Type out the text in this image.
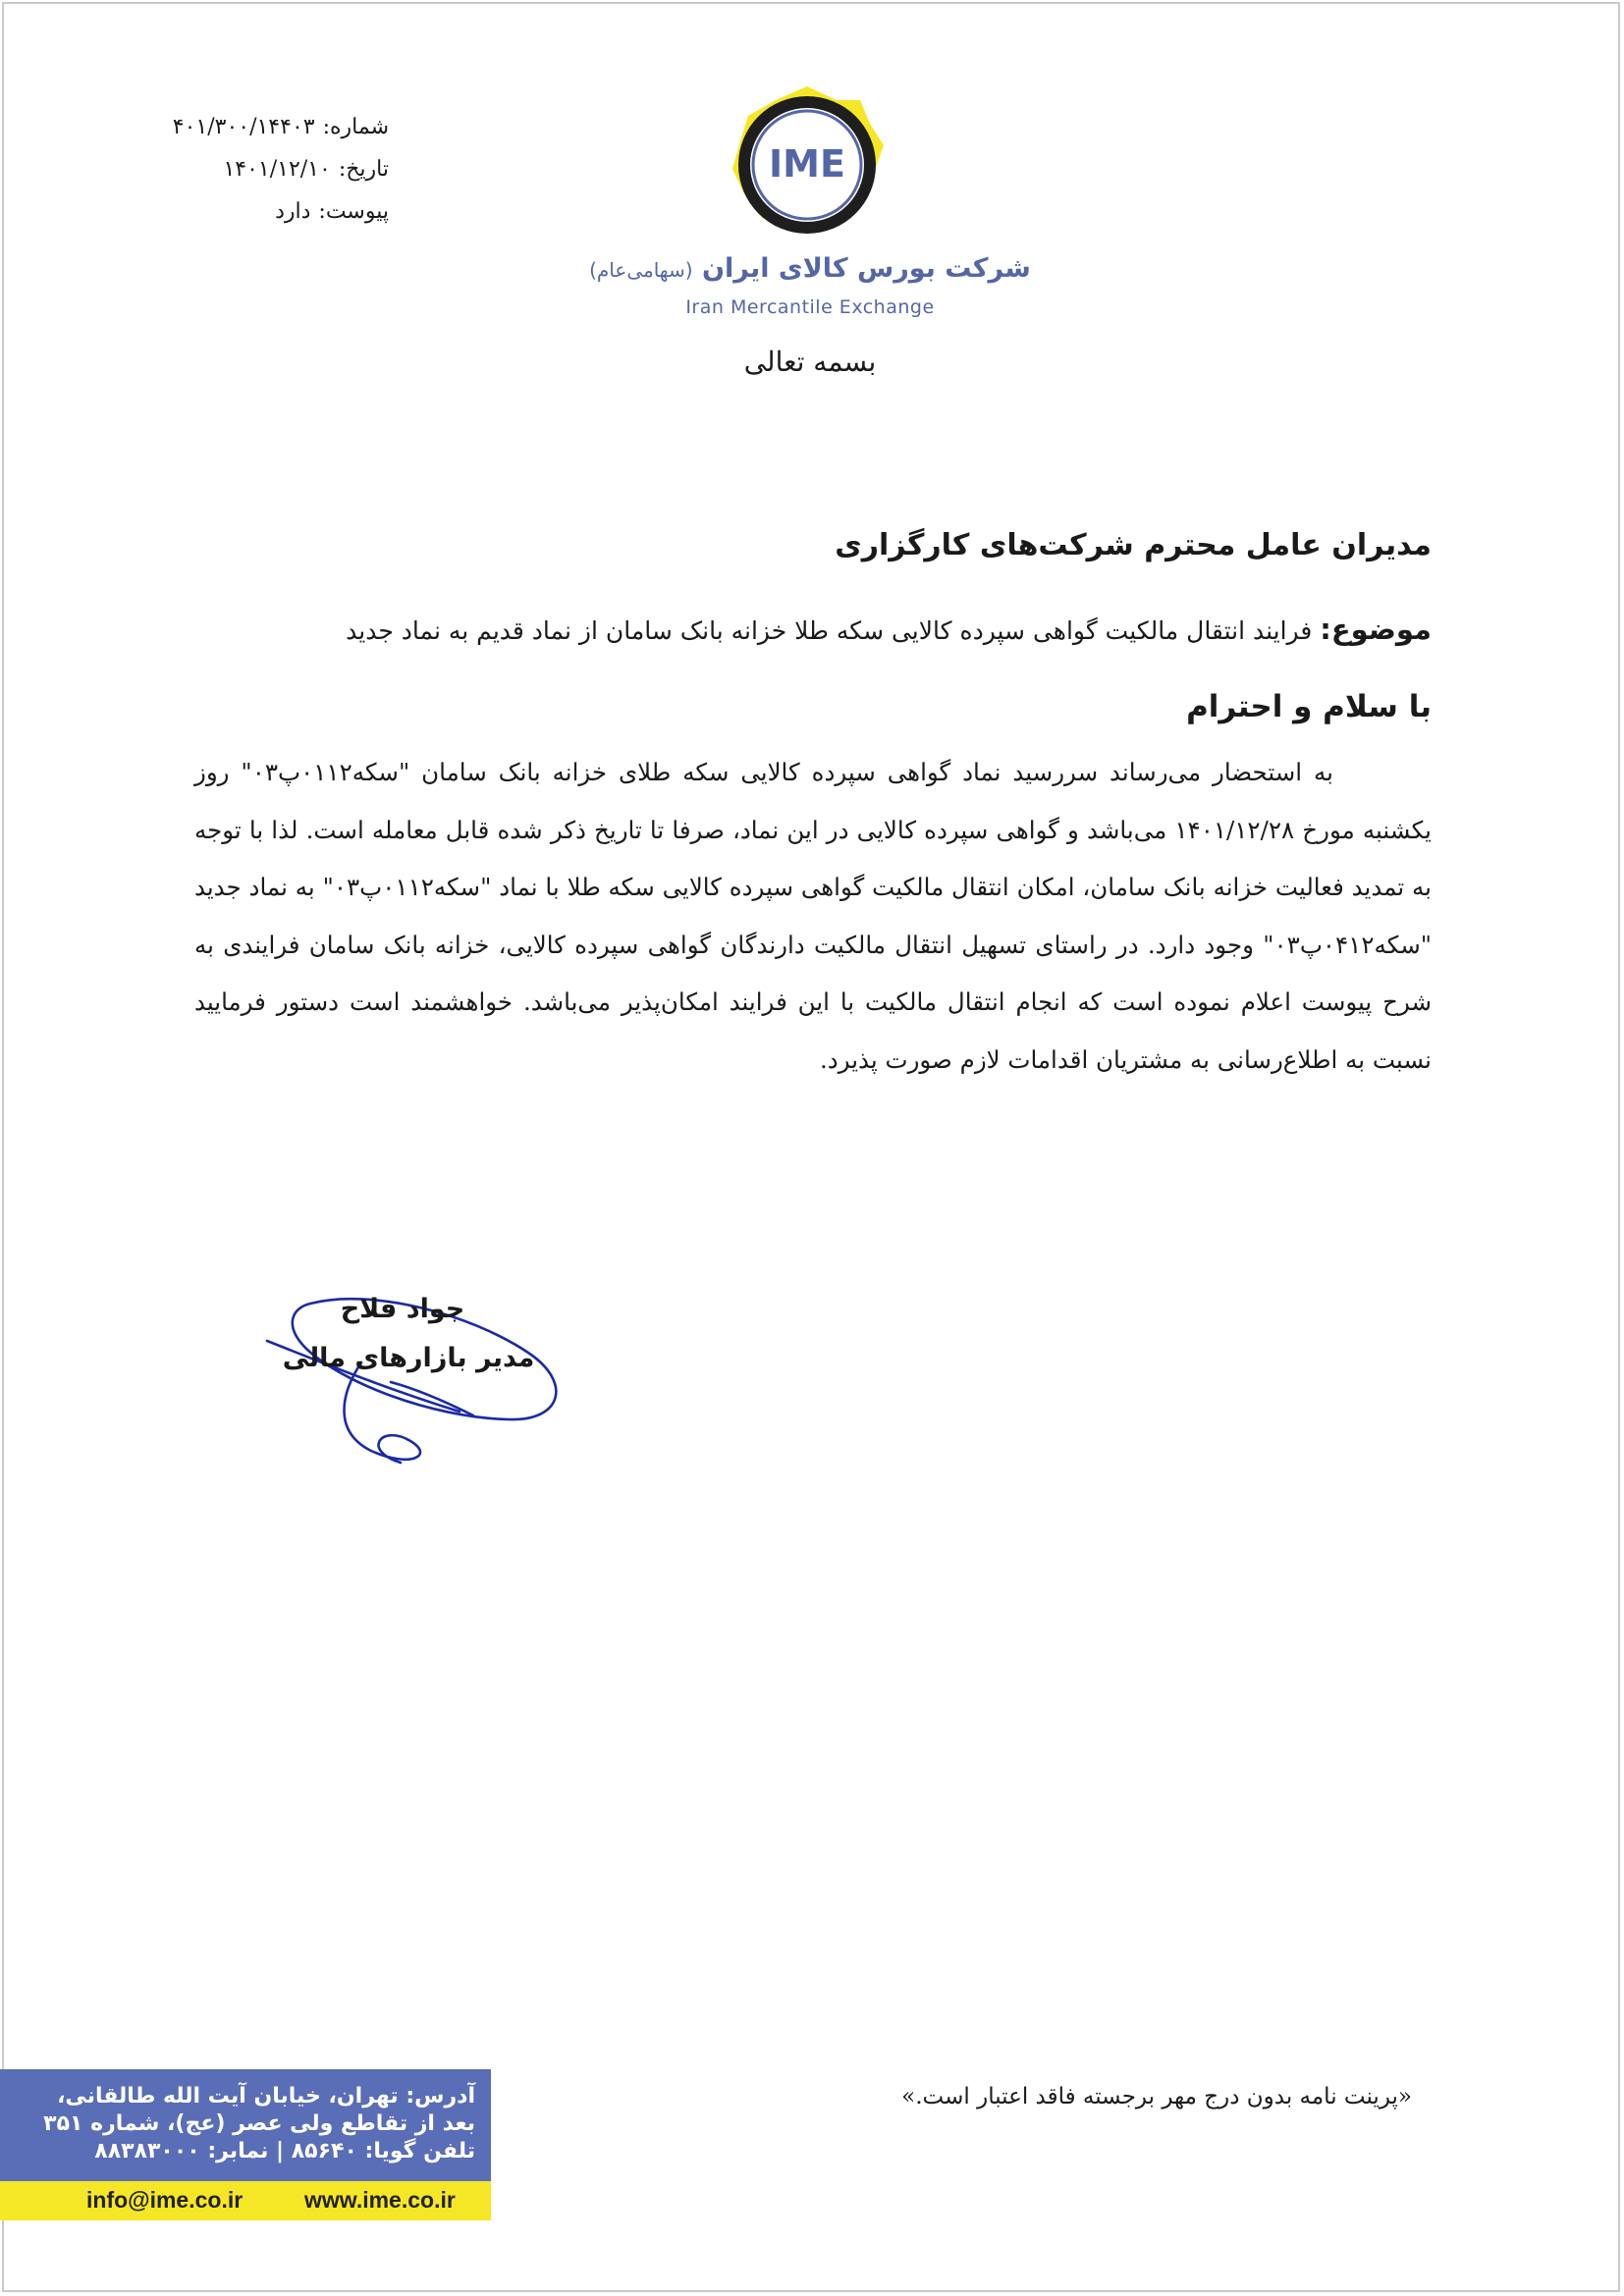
شماره:۴۰۱/۳۰۰/۱۴۴۰۳
تاریخ:۱۴۰۱/۱۲/۱۰
پیوست:دارد
IME
شرکت بورس کالای ایران (سهامی‌عام)
Iran Mercantile Exchange
بسمه تعالی
مدیران عامل محترم شرکت‌های کارگزاری
موضوع: فرایند انتقال مالکیت گواهی سپرده کالایی سکه طلا خزانه بانک سامان از نماد قدیم به نماد جدید
با سلام و احترام

به استحضار می‌رساند سررسید نماد گواهی سپرده کالایی سکه طلای خزانه بانک سامان "سکه۰۱۱۲پ۰۳" روز یکشنبه مورخ ۱۴۰۱/۱۲/۲۸ می‌باشد و گواهی سپرده کالایی در این نماد، صرفا تا تاریخ ذکر شده قابل معامله است. لذا با توجه به تمدید فعالیت خزانه بانک سامان، امکان انتقال مالکیت گواهی سپرده کالایی سکه طلا با نماد "سکه۰۱۱۲پ۰۳" به نماد جدید "سکه۰۴۱۲پ۰۳" وجود دارد. در راستای تسهیل انتقال مالکیت دارندگان گواهی سپرده کالایی، خزانه بانک سامان فرایندی به شرح پیوست اعلام نموده است که انجام انتقال مالکیت با این فرایند امکان‌پذیر می‌باشد. خواهشمند است دستور فرمایید نسبت به اطلاع‌رسانی به مشتریان اقدامات لازم صورت پذیرد.

جواد فلاح
مدیر بازارهای مالی
«پرینت نامه بدون درج مهر برجسته فاقد اعتبار است.»
آدرس: تهران، خیابان آیت الله طالقانی،
بعد از تقاطع ولی عصر (عج)، شماره ۳۵۱
تلفن گویا: ۸۵۶۴۰ | نمابر: ۸۸۳۸۳۰۰۰
www.ime.co.ir
info@ime.co.ir
